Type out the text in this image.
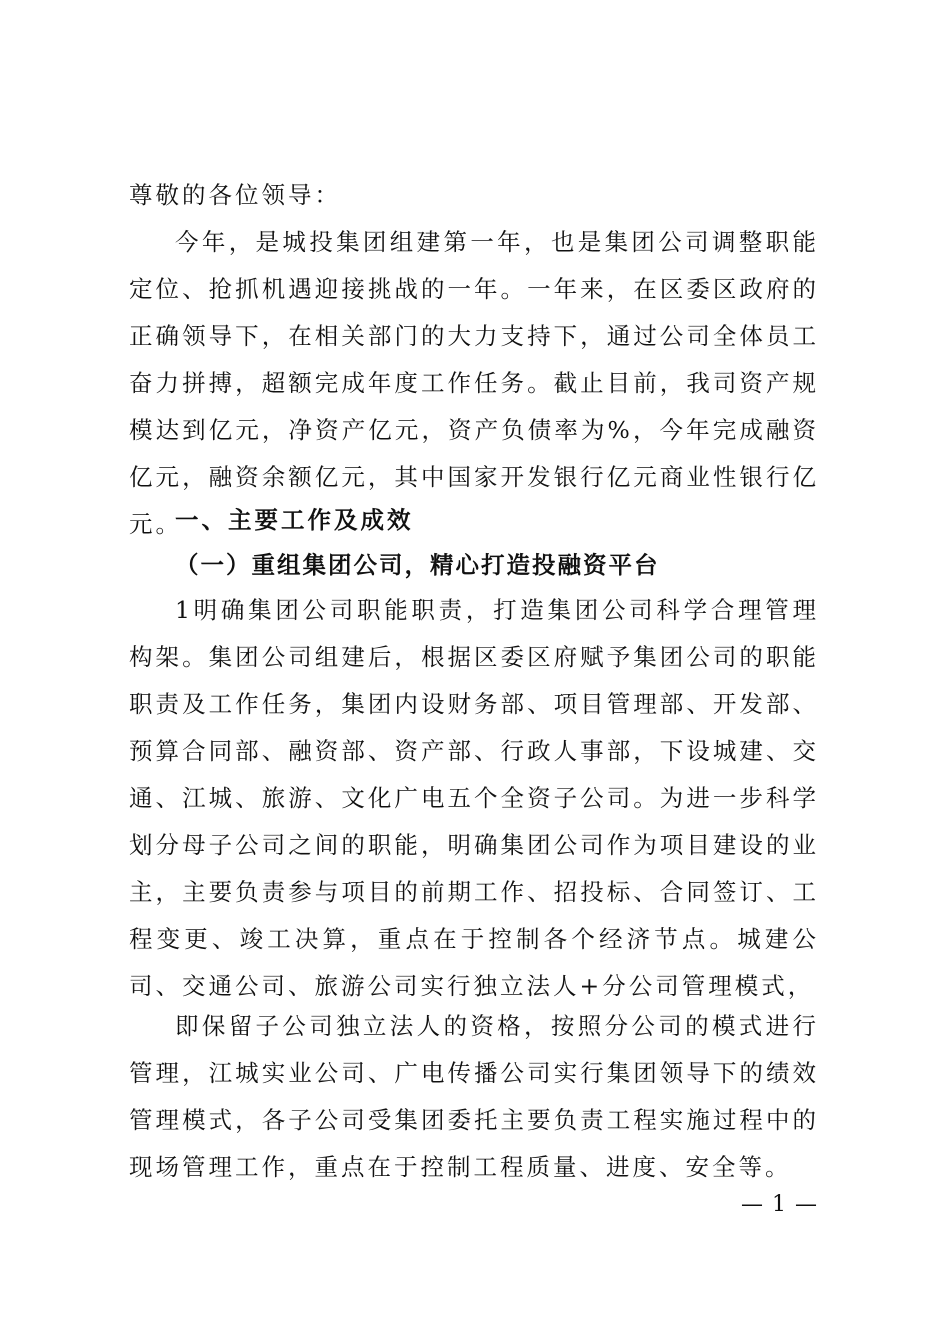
尊敬的各位领导：
今年，是城投集团组建第一年，也是集团公司调整职能定位、抢抓机遇迎接挑战的一年。一年来，在区委区政府的正确领导下，在相关部门的大力支持下，通过公司全体员工奋力拼搏，超额完成年度工作任务。截止目前，我司资产规模达到亿元，净资产亿元，资产负债率为%，今年完成融资亿元，融资余额亿元，其中国家开发银行亿元商业性银行亿元。
一、主要工作及成效
（一）重组集团公司，精心打造投融资平台
1明确集团公司职能职责，打造集团公司科学合理管理构架。集团公司组建后，根据区委区府赋予集团公司的职能职责及工作任务，集团内设财务部、项目管理部、开发部、预算合同部、融资部、资产部、行政人事部，下设城建、交通、江城、旅游、文化广电五个全资子公司。为进一步科学划分母子公司之间的职能，明确集团公司作为项目建设的业主，主要负责参与项目的前期工作、招投标、合同签订、工程变更、竣工决算，重点在于控制各个经济节点。城建公司、交通公司、旅游公司实行独立法人+分公司管理模式，
即保留子公司独立法人的资格，按照分公司的模式进行管理，江城实业公司、广电传播公司实行集团领导下的绩效管理模式，各子公司受集团委托主要负责工程实施过程中的现场管理工作，重点在于控制工程质量、进度、安全等。
— 1 —
